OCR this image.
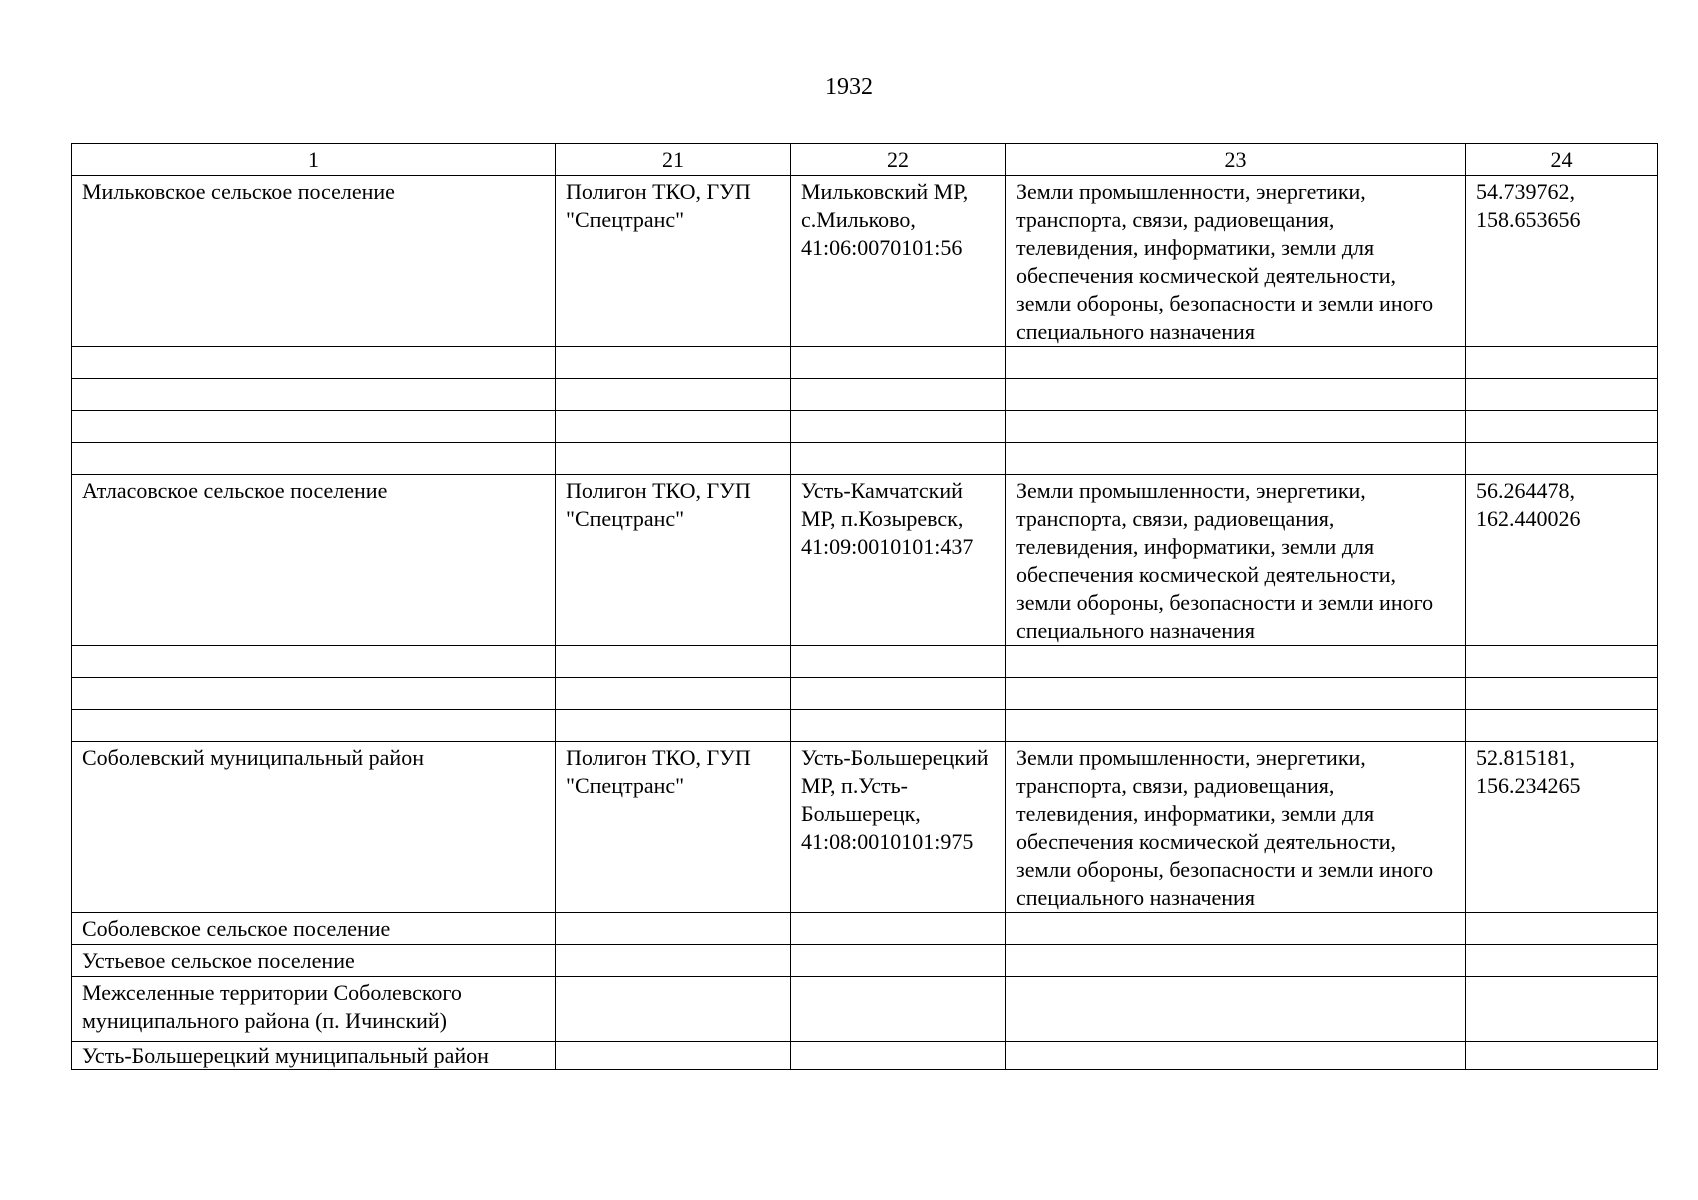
1932
1	21	22	23	24
Мильковское сельское поселение	Полигон ТКО, ГУП "Спецтранс"	Мильковский МР, с.Мильково, 41:06:0070101:56	Земли промышленности, энергетики, транспорта, связи, радиовещания, телевидения, информатики, земли для обеспечения космической деятельности, земли обороны, безопасности и земли иного специального назначения	54.739762, 158.653656

Атласовское сельское поселение	Полигон ТКО, ГУП "Спецтранс"	Усть-Камчатский МР, п.Козыревск, 41:09:0010101:437	Земли промышленности, энергетики, транспорта, связи, радиовещания, телевидения, информатики, земли для обеспечения космической деятельности, земли обороны, безопасности и земли иного специального назначения	56.264478, 162.440026

Соболевский муниципальный район	Полигон ТКО, ГУП "Спецтранс"	Усть-Большерецкий МР, п.Усть-Большерецк, 41:08:0010101:975	Земли промышленности, энергетики, транспорта, связи, радиовещания, телевидения, информатики, земли для обеспечения космической деятельности, земли обороны, безопасности и земли иного специального назначения	52.815181, 156.234265
Соболевское сельское поселение				
Устьевое сельское поселение				
Межселенные территории Соболевского муниципального района (п. Ичинский)				
Усть-Большерецкий муниципальный район				
